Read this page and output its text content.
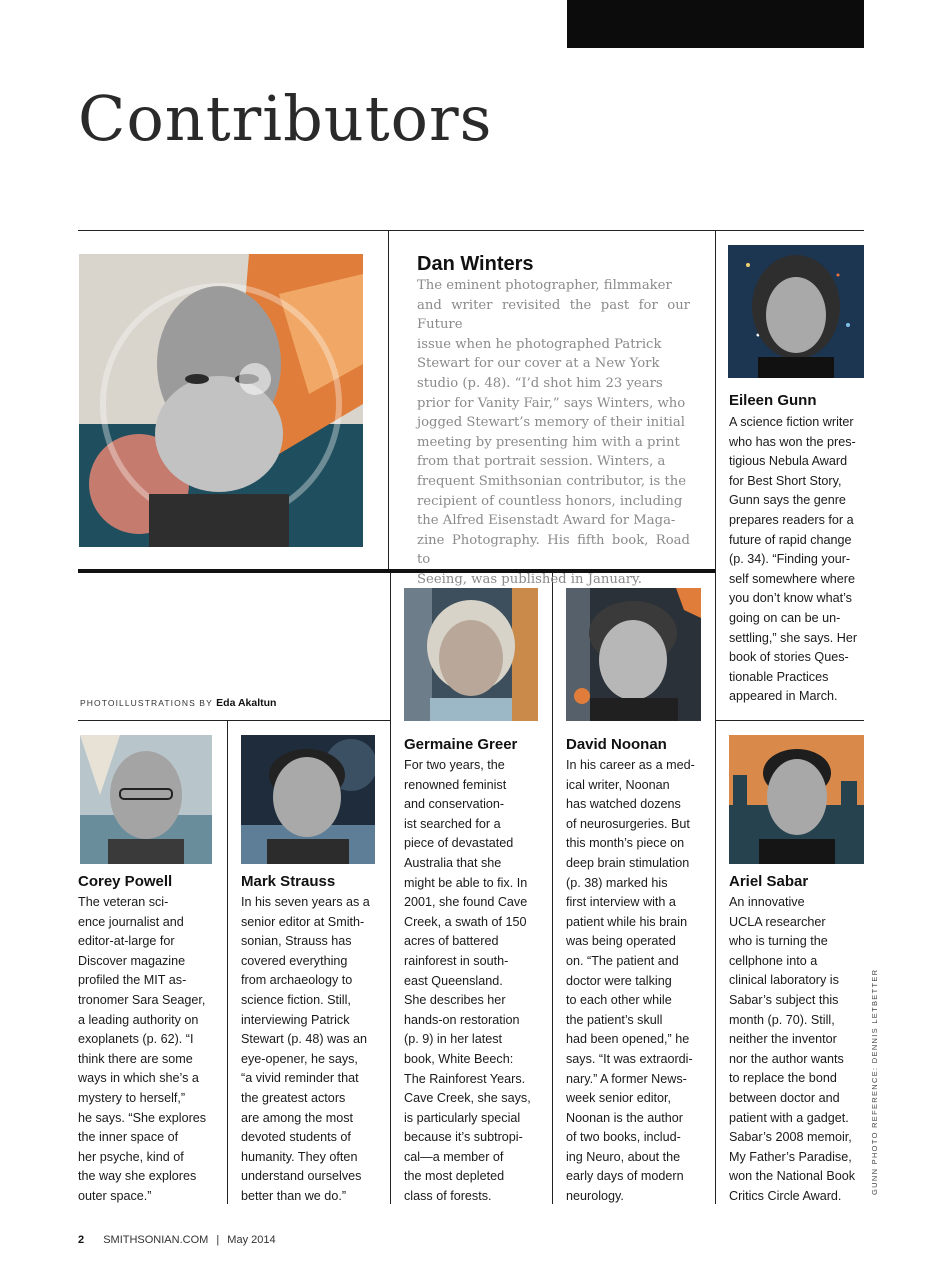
Contributors
Dan Winters
The eminent photographer, filmmaker
and writer revisited the past for our Future
issue when he photographed Patrick
Stewart for our cover at a New York
studio (p. 48). “I’d shot him 23 years
prior for Vanity Fair,” says Winters, who
jogged Stewart’s memory of their initial
meeting by presenting him with a print
from that portrait session. Winters, a
frequent Smithsonian contributor, is the
recipient of countless honors, including
the Alfred Eisenstadt Award for Maga-
zine Photography. His fifth book, Road to
Seeing, was published in January.
Eileen Gunn
A science fiction writer
who has won the pres-
tigious Nebula Award
for Best Short Story,
Gunn says the genre
prepares readers for a
future of rapid change
(p. 34). “Finding your-
self somewhere where
you don’t know what’s
going on can be un-
settling,” she says. Her
book of stories Ques-
tionable Practices
appeared in March.
PHOTOILLUSTRATIONS BY Eda Akaltun
Germaine Greer
For two years, the
renowned feminist
and conservation-
ist searched for a
piece of devastated
Australia that she
might be able to fix. In
2001, she found Cave
Creek, a swath of 150
acres of battered
rainforest in south-
east Queensland.
She describes her
hands-on restoration
(p. 9) in her latest
book, White Beech:
The Rainforest Years.
Cave Creek, she says,
is particularly special
because it’s subtropi-
cal—a member of
the most depleted
class of forests.
David Noonan
In his career as a med-
ical writer, Noonan
has watched dozens
of neurosurgeries. But
this month’s piece on
deep brain stimulation
(p. 38) marked his
first interview with a
patient while his brain
was being operated
on. “The patient and
doctor were talking
to each other while
the patient’s skull
had been opened,” he
says. “It was extraordi-
nary.” A former News-
week senior editor,
Noonan is the author
of two books, includ-
ing Neuro, about the
early days of modern
neurology.
Corey Powell
The veteran sci-
ence journalist and
editor-at-large for
Discover magazine
profiled the MIT as-
tronomer Sara Seager,
a leading authority on
exoplanets (p. 62). “I
think there are some
ways in which she’s a
mystery to herself,”
he says. “She explores
the inner space of
her psyche, kind of
the way she explores
outer space.”
Mark Strauss
In his seven years as a
senior editor at Smith-
sonian, Strauss has
covered everything
from archaeology to
science fiction. Still,
interviewing Patrick
Stewart (p. 48) was an
eye-opener, he says,
“a vivid reminder that
the greatest actors
are among the most
devoted students of
humanity. They often
understand ourselves
better than we do.”
Ariel Sabar
An innovative
UCLA researcher
who is turning the
cellphone into a
clinical laboratory is
Sabar’s subject this
month (p. 70). Still,
neither the inventor
nor the author wants
to replace the bond
between doctor and
patient with a gadget.
Sabar’s 2008 memoir,
My Father’s Paradise,
won the National Book
Critics Circle Award.
GUNN PHOTO REFERENCE: DENNIS LETBETTER
2 SMITHSONIAN.COM | May 2014
